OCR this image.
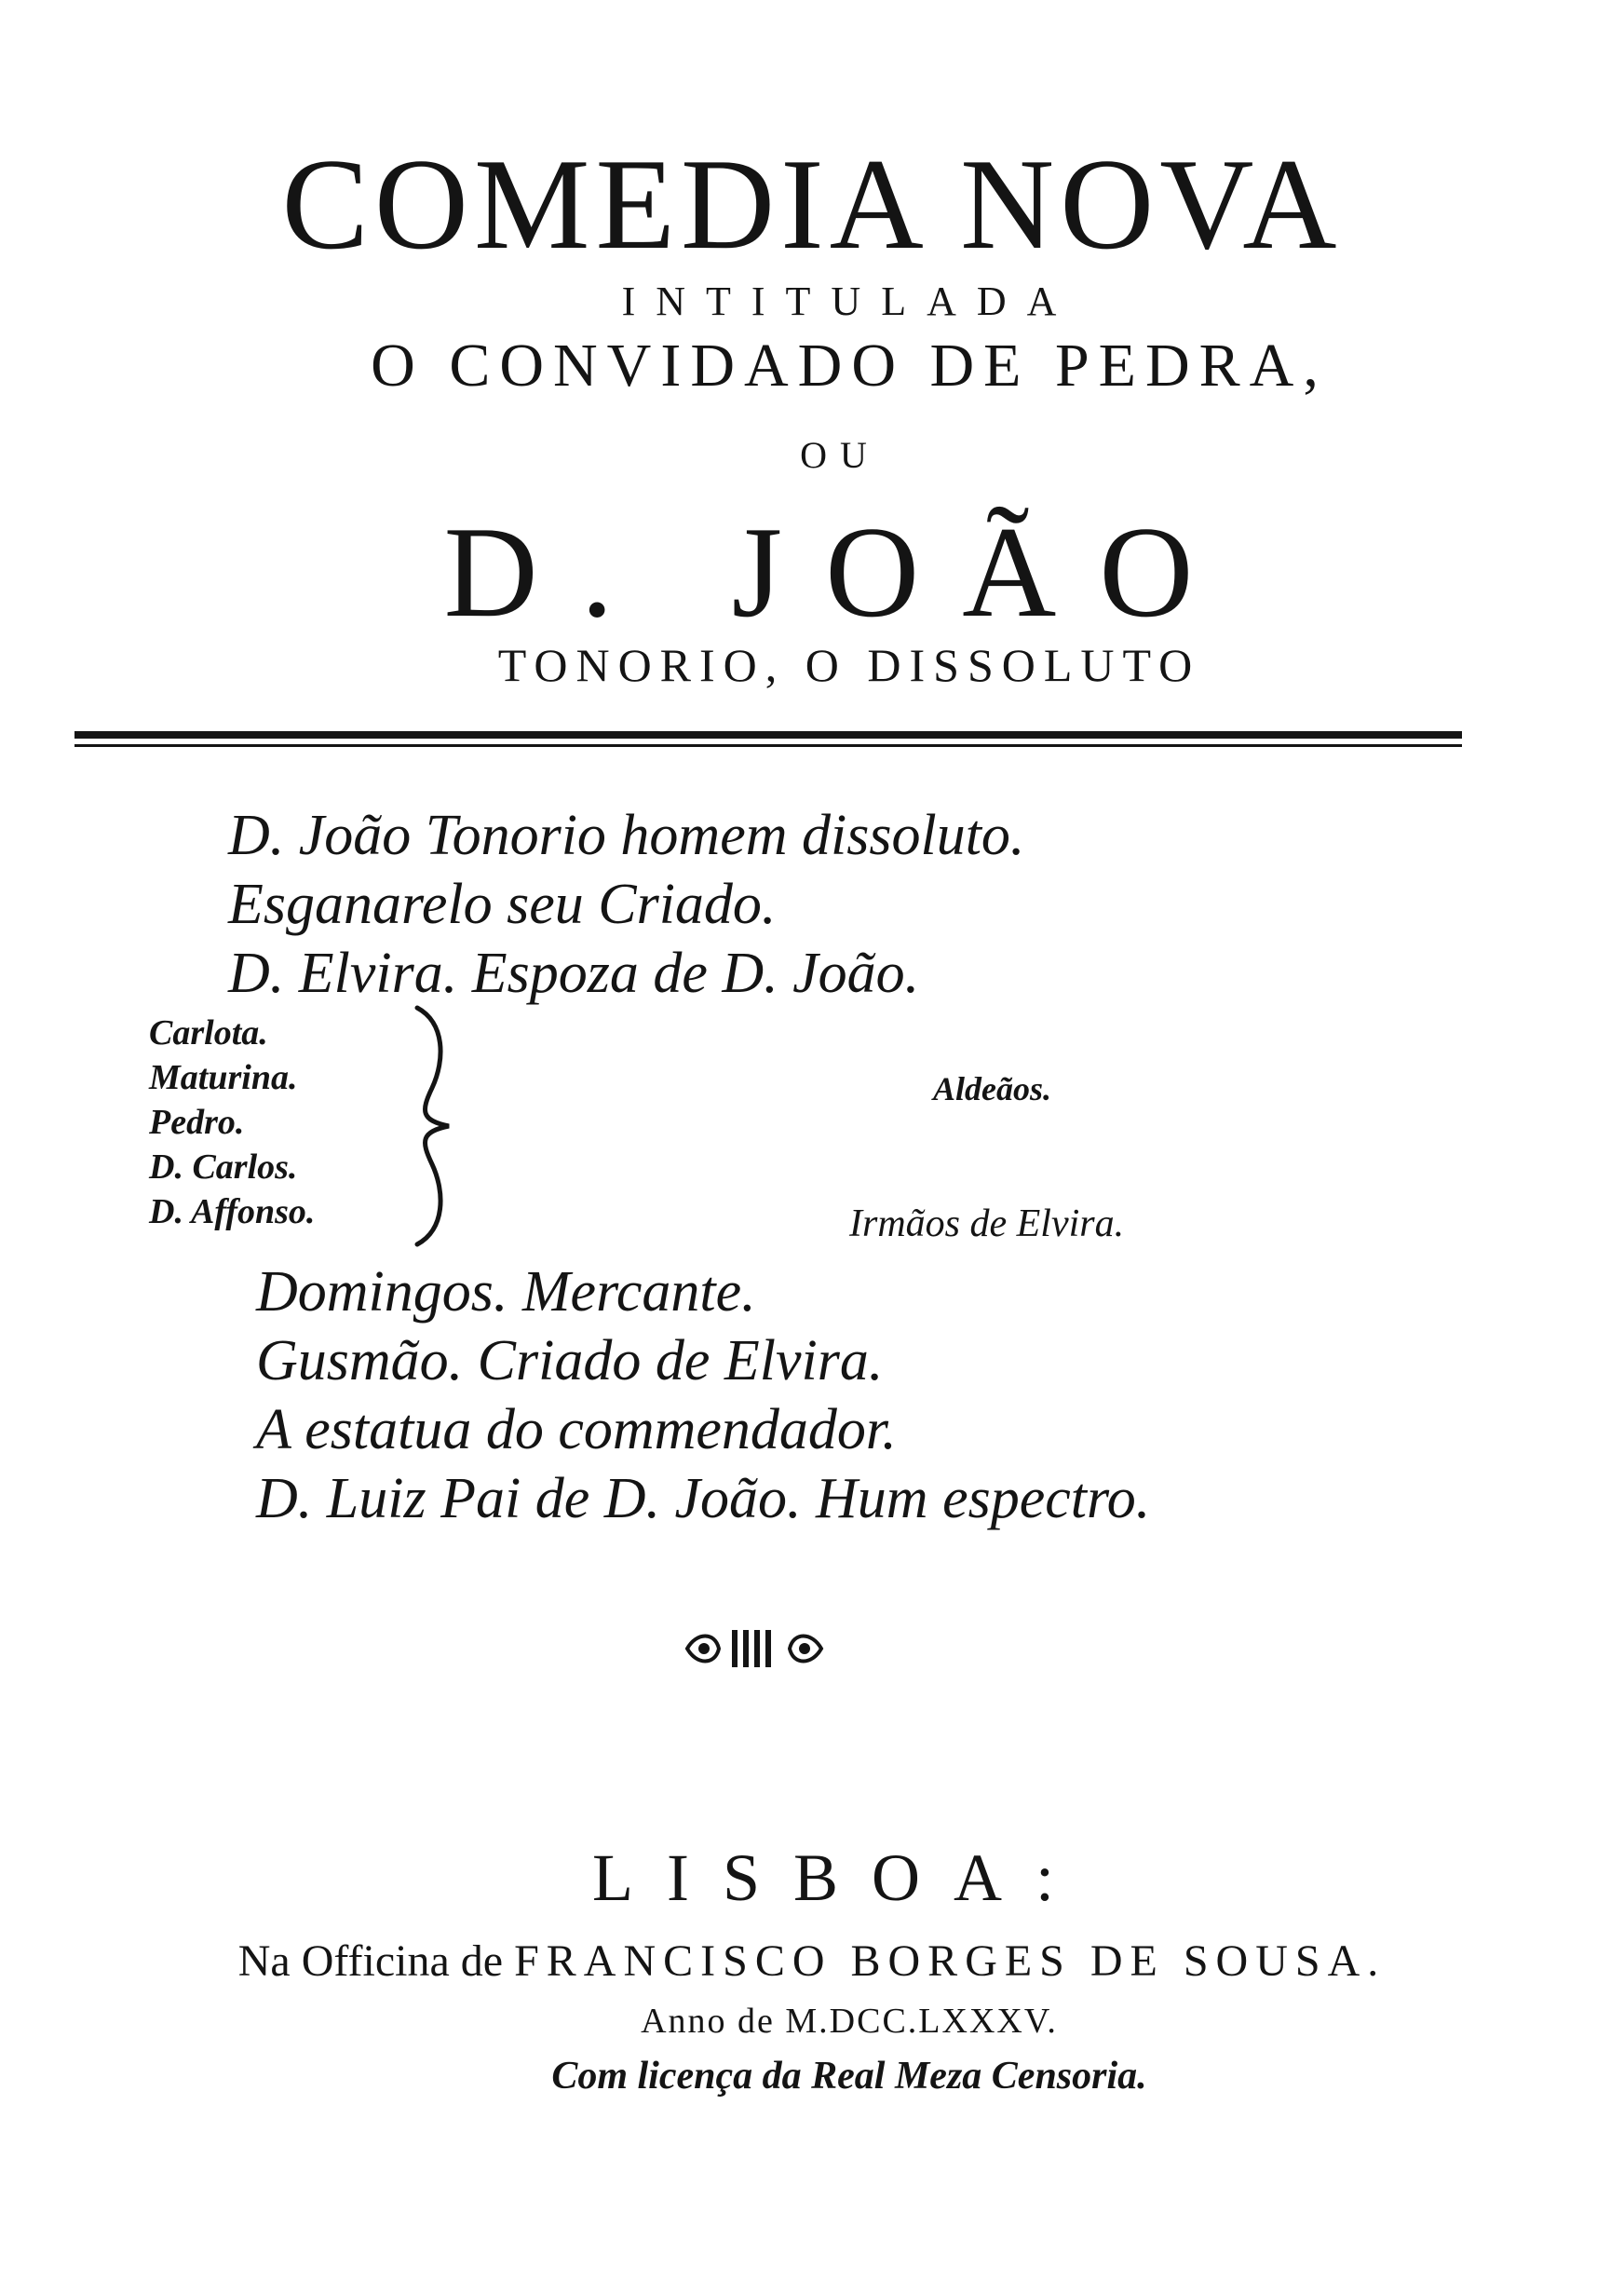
COMEDIA NOVA
INTITULADA
O CONVIDADO DE PEDRA,
OU
D. JOÃO
TONORIO, O DISSOLUTO
D. João Tonorio homem dissoluto.
Esganarelo seu Criado.
D. Elvira. Espoza de D. João.
Carlota.
Maturina.
Pedro.
D. Carlos.
D. Affonso.
Aldeãos.
Irmãos de Elvira.
Domingos. Mercante.
Gusmão. Criado de Elvira.
A estatua do commendador.
D. Luiz Pai de D. João. Hum espectro.
LISBOA:
Na Officina de FRANCISCO BORGES DE SOUSA.
Anno de M.DCC.LXXXV.
Com licença da Real Meza Censoria.
